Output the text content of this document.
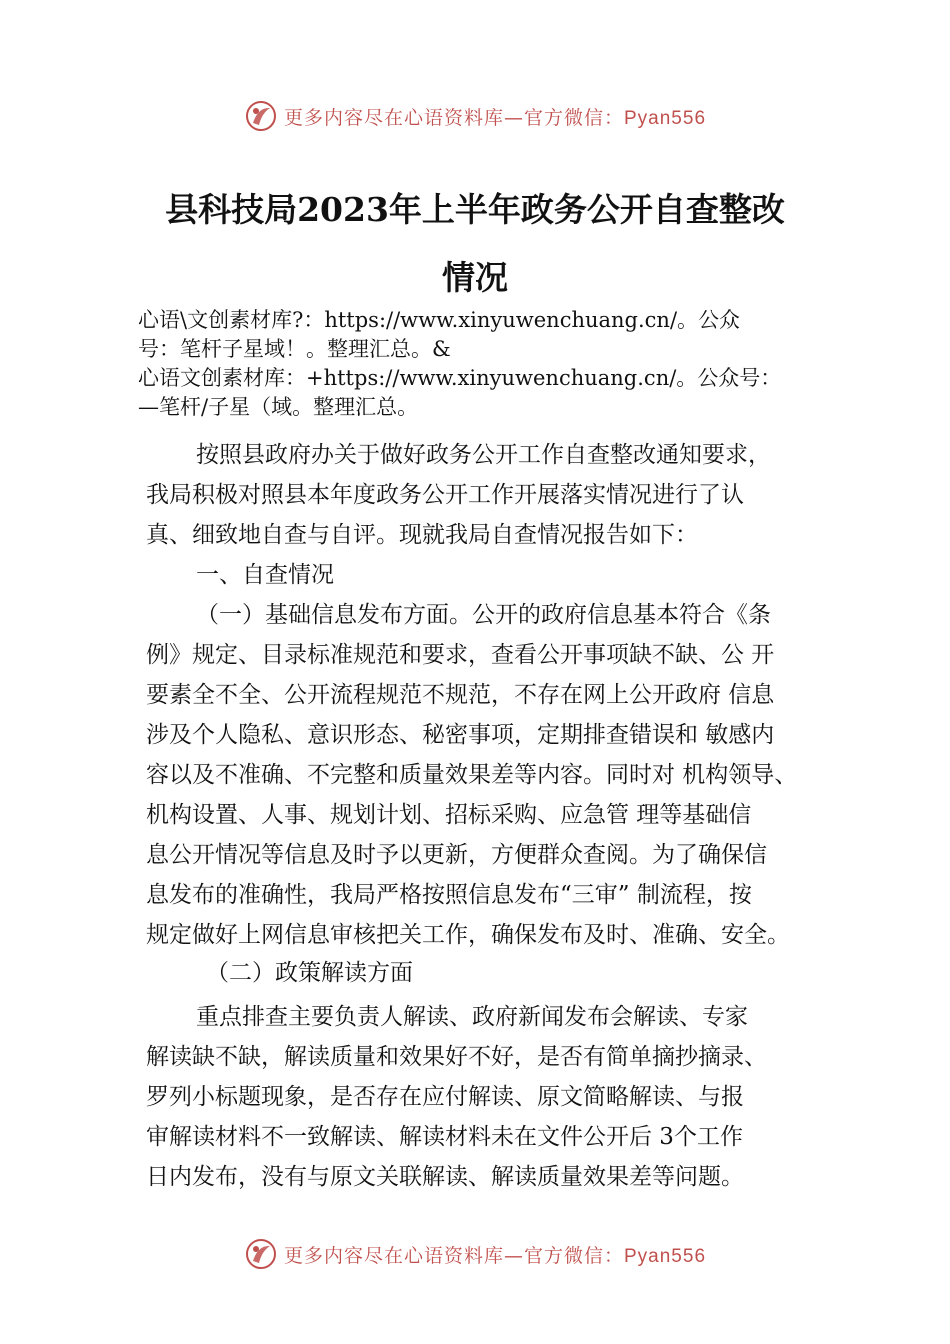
更多内容尽在心语资料库—官方微信：Pyan556
县科技局2023年上半年政务公开自查整改
情况
心语\文创素材库?：https://www.xinyuwenchuang.cn/。公众
号：笔杆子星域！。整理汇总。&
心语文创素材库：+https://www.xinyuwenchuang.cn/。公众号：
—笔杆/子星（域。整理汇总。
按照县政府办关于做好政务公开工作自查整改通知要求，
我局积极对照县本年度政务公开工作开展落实情况进行了认
真、细致地自查与自评。现就我局自查情况报告如下：
一、自查情况
（一）基础信息发布方面。公开的政府信息基本符合《条
例》规定、目录标准规范和要求，查看公开事项缺不缺、公 开
要素全不全、公开流程规范不规范，不存在网上公开政府 信息
涉及个人隐私、意识形态、秘密事项，定期排查错误和 敏感内
容以及不准确、不完整和质量效果差等内容。同时对 机构领导、
机构设置、人事、规划计划、招标采购、应急管 理等基础信
息公开情况等信息及时予以更新，方便群众查阅。为了确保信
息发布的准确性，我局严格按照信息发布“三审” 制流程，按
规定做好上网信息审核把关工作，确保发布及时、准确、安全。
（二）政策解读方面
重点排查主要负责人解读、政府新闻发布会解读、专家
解读缺不缺，解读质量和效果好不好，是否有简单摘抄摘录、
罗列小标题现象，是否存在应付解读、原文简略解读、与报
审解读材料不一致解读、解读材料未在文件公开后 3个工作
日内发布，没有与原文关联解读、解读质量效果差等问题。
更多内容尽在心语资料库—官方微信：Pyan556
